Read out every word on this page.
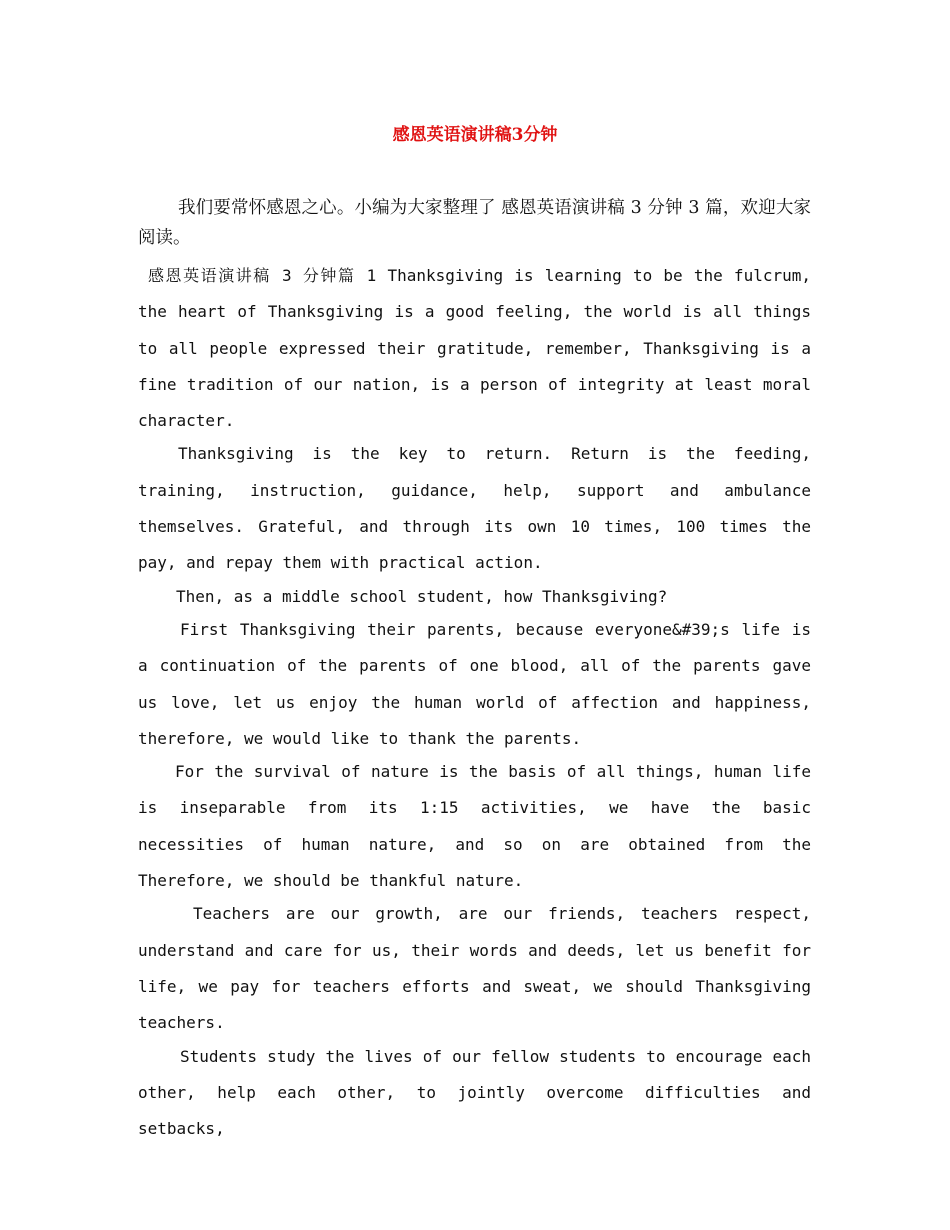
感恩英语演讲稿3分钟

我们要常怀感恩之心。小编为大家整理了 感恩英语演讲稿 3 分钟 3 篇，欢迎大家阅读。

感恩英语演讲稿 3 分钟篇 1 Thanksgiving is learning to be the fulcrum, the heart of Thanksgiving is a good feeling, the world is all things to all people expressed their gratitude, remember, Thanksgiving is a fine tradition of our nation, is a person of integrity at least moral character.

Thanksgiving is the key to return. Return is the feeding, training, instruction, guidance, help, support and ambulance themselves. Grateful, and through its own 10 times, 100 times the pay, and repay them with practical action.

Then, as a middle school student, how Thanksgiving?

First Thanksgiving their parents, because everyone&#39;s life is a continuation of the parents of one blood, all of the parents gave us love, let us enjoy the human world of affection and happiness, therefore, we would like to thank the parents.

For the survival of nature is the basis of all things, human life is inseparable from its 1:15 activities, we have the basic necessities of human nature, and so on are obtained from the Therefore, we should be thankful nature.

Teachers are our growth, are our friends, teachers respect, understand and care for us, their words and deeds, let us benefit for life, we pay for teachers efforts and sweat, we should Thanksgiving teachers.

Students study the lives of our fellow students to encourage each other, help each other, to jointly overcome difficulties and setbacks,
